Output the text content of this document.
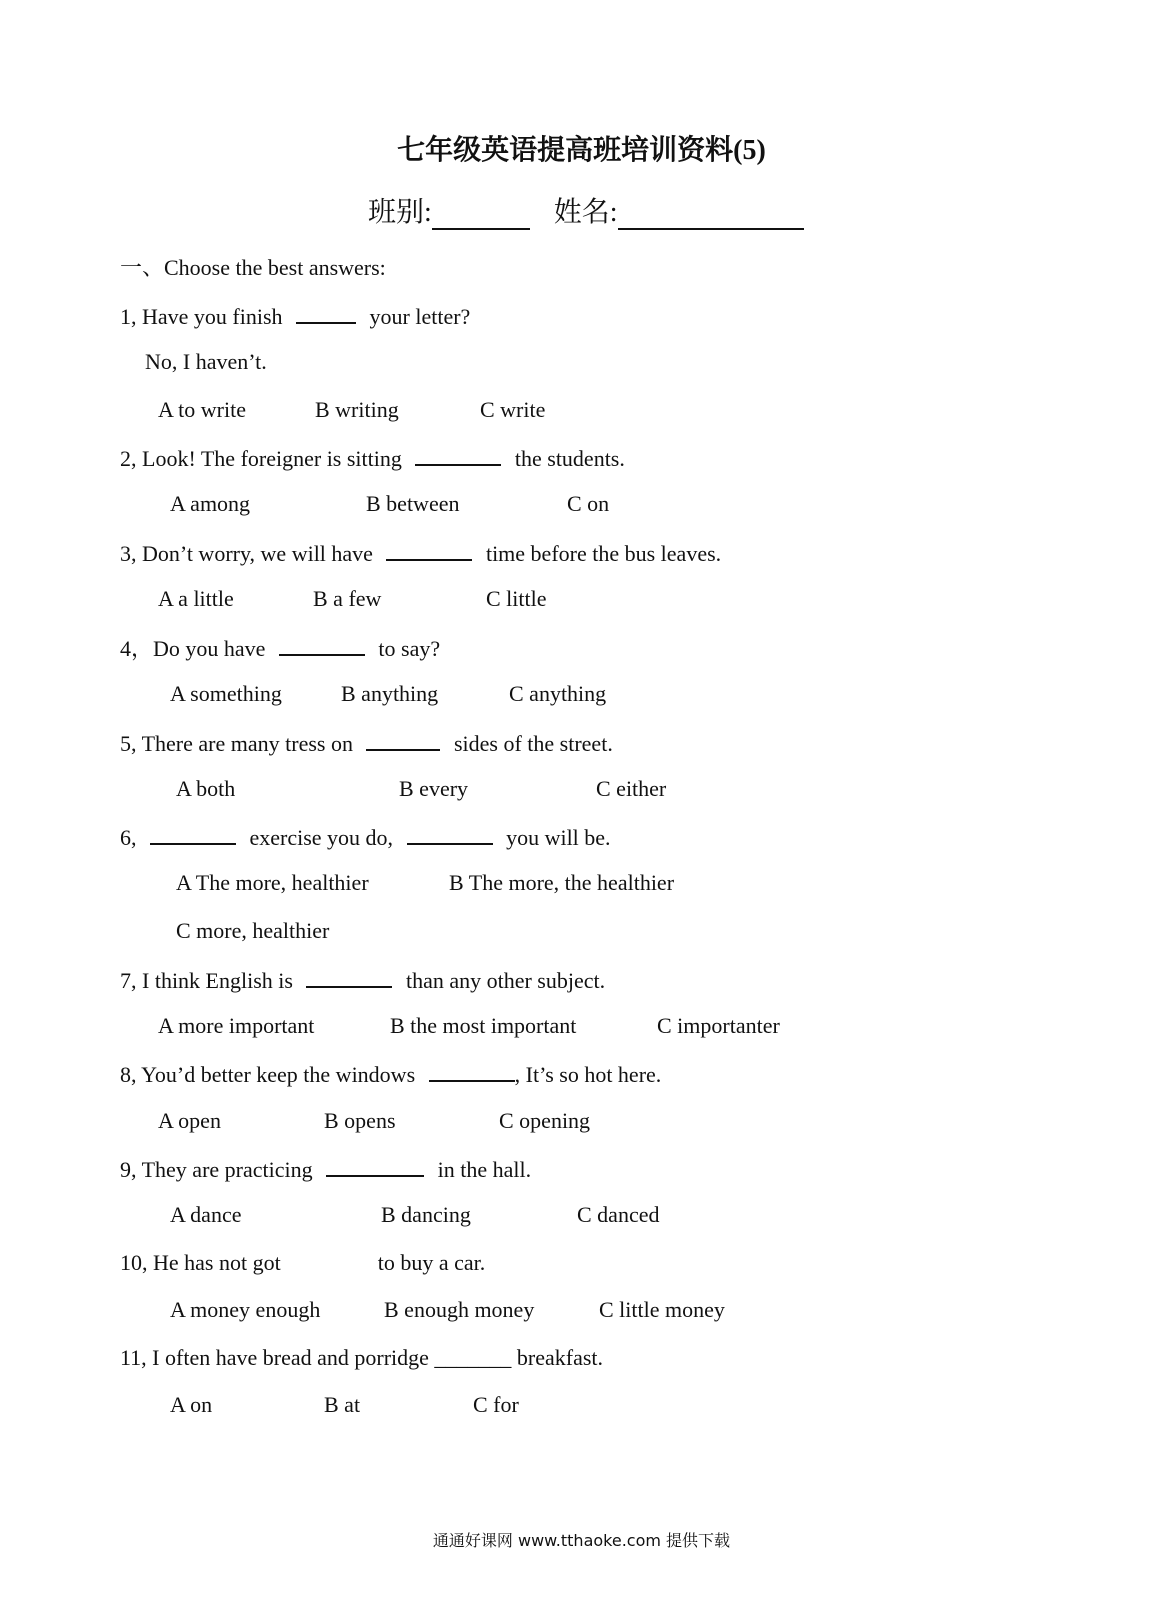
七年级英语提高班培训资料(5)
班别:	姓名:
一、Choose the best answers:
1, Have you finish	your letter?
No, I haven’t.
A to write	B writing	C write
2, Look! The foreigner is sitting	the students.
A among	B between	C on
3, Don’t worry, we will have	time before the bus leaves.
A a little	B a few	C little
4，Do you have	to say?
A something	B anything	C anything
5, There are many tress on	sides of the street.
A both	B every	C either
6,	exercise you do,	you will be.
A The more, healthier	B The more, the healthier
C more, healthier
7, I think English is	than any other subject.
A more important	B the most important	C importanter
8, You’d better keep the windows	, It’s so hot here.
A open	B opens	C opening
9, They are practicing	in the hall.
A dance	B dancing	C danced
10, He has not got	to buy a car.
A money enough	B enough money	C little money
11, I often have bread and porridge _______ breakfast.
A on	B at	C for
通通好课网 www.tthaoke.com 提供下载
